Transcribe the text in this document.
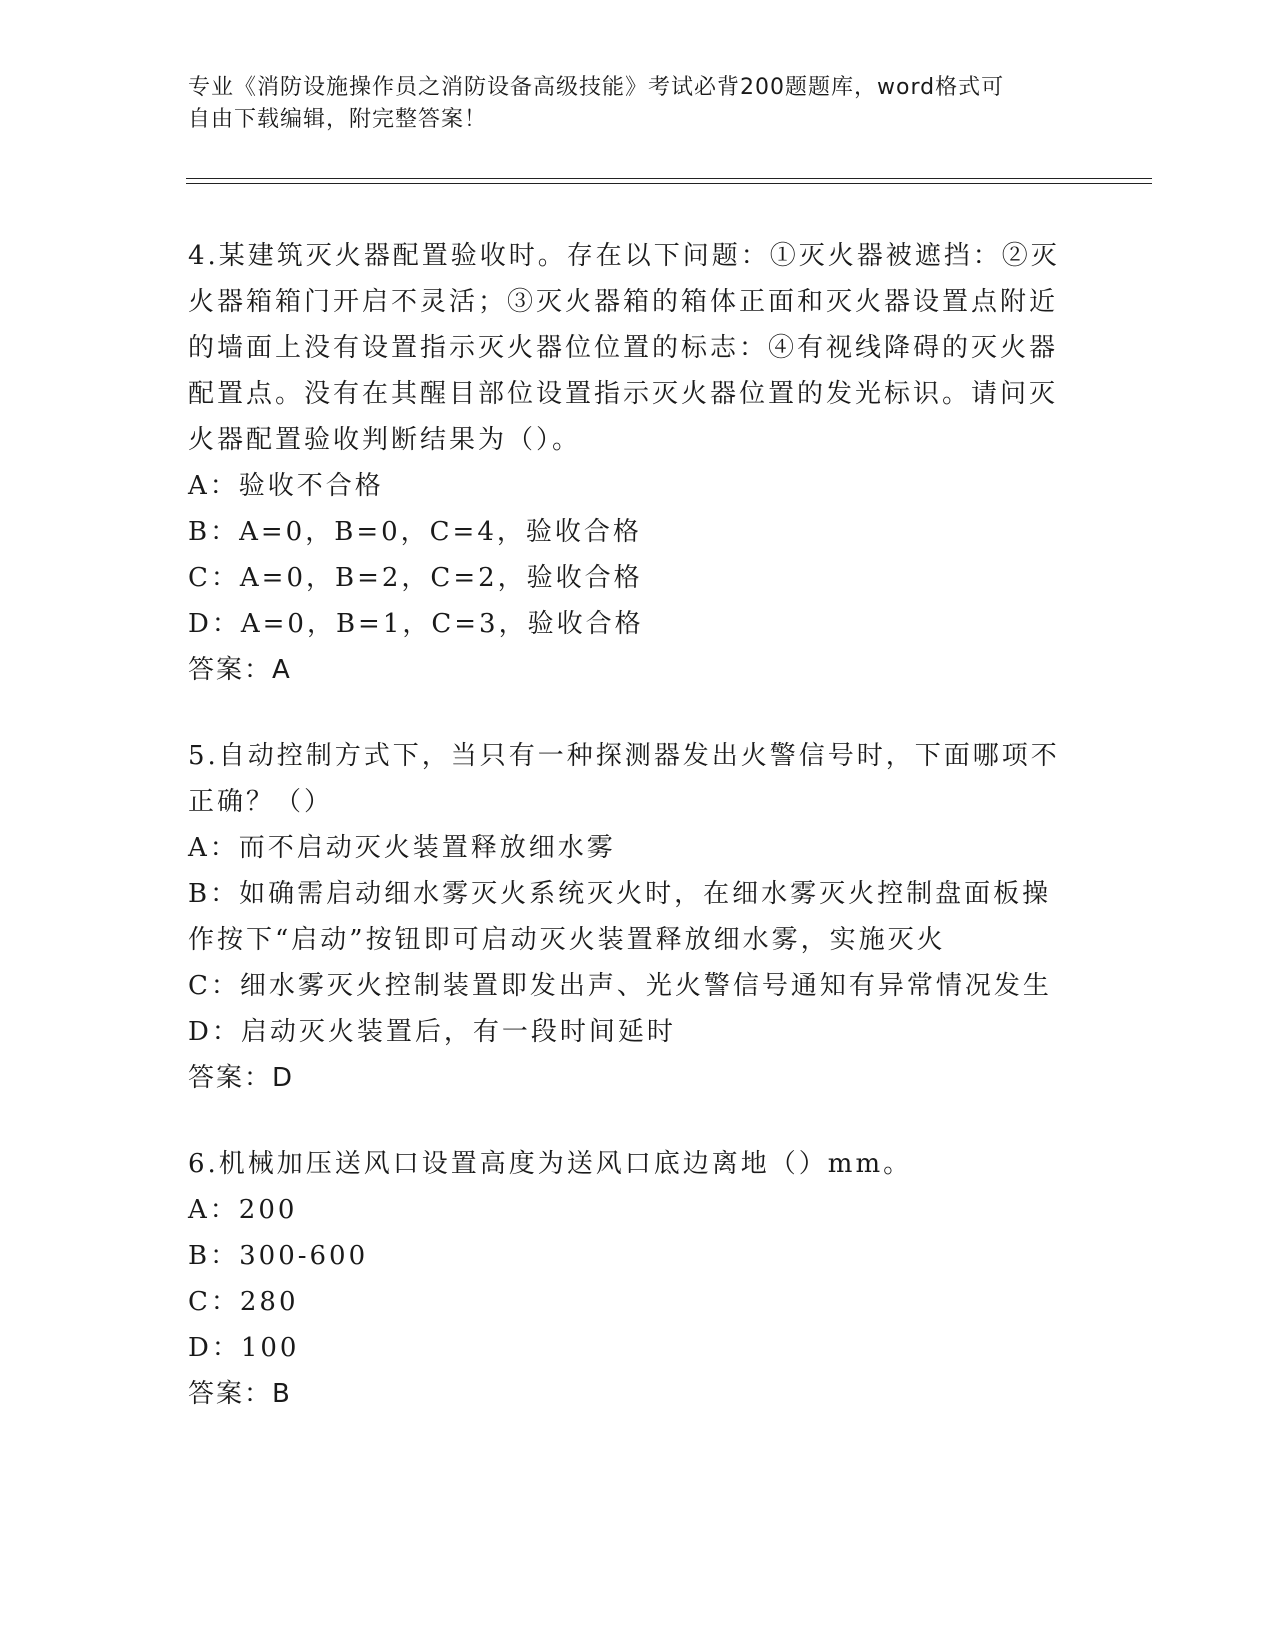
专业《消防设施操作员之消防设备高级技能》考试必背200题题库，word格式可
自由下载编辑，附完整答案！
4.某建筑灭火器配置验收时。存在以下问题：①灭火器被遮挡：②灭火器箱箱门开启不灵活；③灭火器箱的箱体正面和灭火器设置点附近的墙面上没有设置指示灭火器位位置的标志：④有视线降碍的灭火器配置点。没有在其醒目部位设置指示灭火器位置的发光标识。请问灭火器配置验收判断结果为（）。
A：验收不合格
B：A=0，B=0，C=4，验收合格
C：A=0，B=2，C=2，验收合格
D：A=0，B=1，C=3，验收合格
答案：A
5.自动控制方式下，当只有一种探测器发出火警信号时，下面哪项不正确？（）
A：而不启动灭火装置释放细水雾
B：如确需启动细水雾灭火系统灭火时，在细水雾灭火控制盘面板操作按下“启动”按钮即可启动灭火装置释放细水雾，实施灭火
C：细水雾灭火控制装置即发出声、光火警信号通知有异常情况发生
D：启动灭火装置后，有一段时间延时
答案：D
6.机械加压送风口设置高度为送风口底边离地（）mm。
A：200
B：300-600
C：280
D：100
答案：B
